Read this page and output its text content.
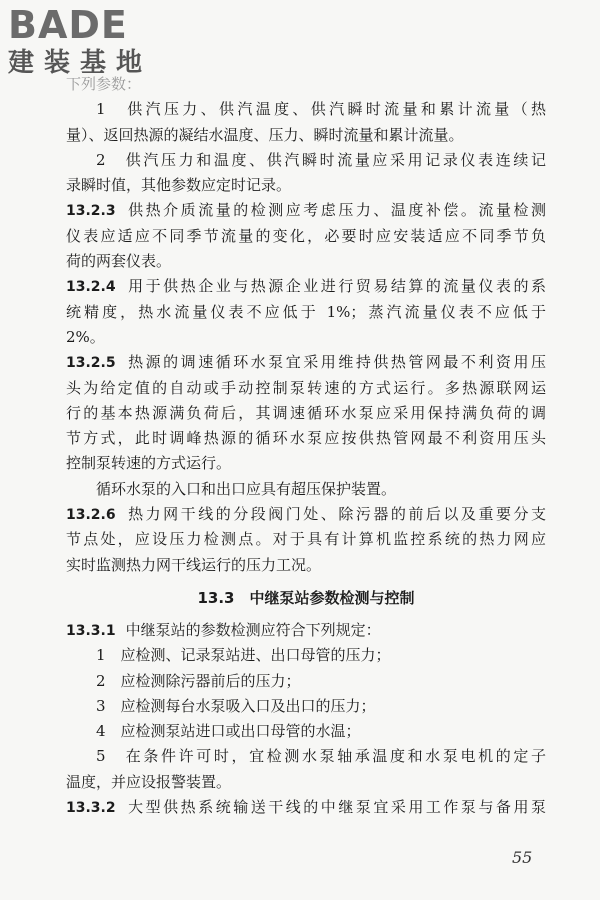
BADE
建装基地
下列参数：
1　供汽压力、供汽温度、供汽瞬时流量和累计流量（热
量）、返回热源的凝结水温度、压力、瞬时流量和累计流量。
2　供汽压力和温度、供汽瞬时流量应采用记录仪表连续记
录瞬时值，其他参数应定时记录。
13.2.3 供热介质流量的检测应考虑压力、温度补偿。流量检测
仪表应适应不同季节流量的变化，必要时应安装适应不同季节负
荷的两套仪表。
13.2.4 用于供热企业与热源企业进行贸易结算的流量仪表的系
统精度，热水流量仪表不应低于 1%；蒸汽流量仪表不应低于
2%。
13.2.5 热源的调速循环水泵宜采用维持供热管网最不利资用压
头为给定值的自动或手动控制泵转速的方式运行。多热源联网运
行的基本热源满负荷后，其调速循环水泵应采用保持满负荷的调
节方式，此时调峰热源的循环水泵应按供热管网最不利资用压头
控制泵转速的方式运行。
循环水泵的入口和出口应具有超压保护装置。
13.2.6 热力网干线的分段阀门处、除污器的前后以及重要分支
节点处，应设压力检测点。对于具有计算机监控系统的热力网应
实时监测热力网干线运行的压力工况。
13.3　中继泵站参数检测与控制
13.3.1 中继泵站的参数检测应符合下列规定：
1　应检测、记录泵站进、出口母管的压力；
2　应检测除污器前后的压力；
3　应检测每台水泵吸入口及出口的压力；
4　应检测泵站进口或出口母管的水温；
5　在条件许可时，宜检测水泵轴承温度和水泵电机的定子
温度，并应设报警装置。
13.3.2 大型供热系统输送干线的中继泵宜采用工作泵与备用泵
55
